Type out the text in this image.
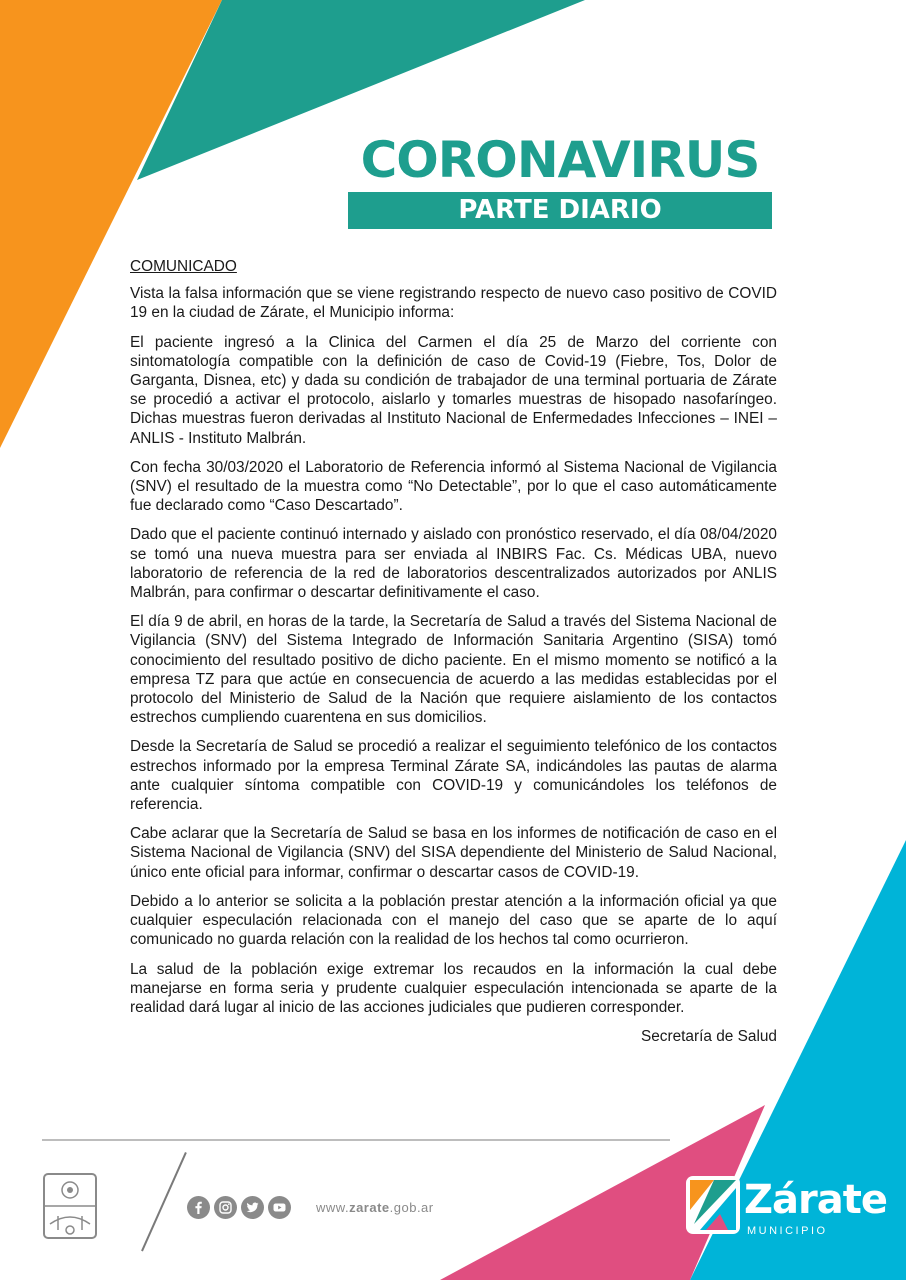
CORONAVIRUS
PARTE DIARIO
COMUNICADO

Vista la falsa información que se viene registrando respecto de nuevo caso positivo de COVID 19 en la ciudad de Zárate, el Municipio informa:

El paciente ingresó a la Clinica del Carmen el día 25 de Marzo del corriente con sintomatología compatible con la definición de caso de Covid-19 (Fiebre, Tos, Dolor de Garganta, Disnea, etc) y dada su condición de trabajador de una terminal portuaria de Zárate se procedió a activar el protocolo, aislarlo y tomarles muestras de hisopado nasofaríngeo. Dichas muestras fueron derivadas al Instituto Nacional de Enfermedades Infecciones – INEI – ANLIS - Instituto Malbrán.

Con fecha 30/03/2020 el Laboratorio de Referencia informó al Sistema Nacional de Vigilancia (SNV) el resultado de la muestra como “No Detectable”, por lo que el caso automáticamente fue declarado como “Caso Descartado”.

Dado que el paciente continuó internado y aislado con pronóstico reservado, el día 08/04/2020 se tomó una nueva muestra para ser enviada al INBIRS Fac. Cs. Médicas UBA, nuevo laboratorio de referencia de la red de laboratorios descentralizados autorizados por ANLIS Malbrán, para confirmar o descartar definitivamente el caso.

El día 9 de abril, en horas de la tarde, la Secretaría de Salud a través del Sistema Nacional de Vigilancia (SNV) del Sistema Integrado de Información Sanitaria Argentino (SISA) tomó conocimiento del resultado positivo de dicho paciente. En el mismo momento se notificó a la empresa TZ para que actúe en consecuencia de acuerdo a las medidas establecidas por el protocolo del Ministerio de Salud de la Nación que requiere aislamiento de los contactos estrechos cumpliendo cuarentena en sus domicilios.

Desde la Secretaría de Salud se procedió a realizar el seguimiento telefónico de los contactos estrechos informado por la empresa Terminal Zárate SA, indicándoles las pautas de alarma ante cualquier síntoma compatible con COVID-19 y comunicándoles los teléfonos de referencia.

Cabe aclarar que la Secretaría de Salud se basa en los informes de notificación de caso en el Sistema Nacional de Vigilancia (SNV) del SISA dependiente del Ministerio de Salud Nacional, único ente oficial para informar, confirmar o descartar casos de COVID-19.

Debido a lo anterior se solicita a la población prestar atención a la información oficial ya que cualquier especulación relacionada con el manejo del caso que se aparte de lo aquí comunicado no guarda relación con la realidad de los hechos tal como ocurrieron.

La salud de la población exige extremar los recaudos en la información la cual debe manejarse en forma seria y prudente cualquier especulación intencionada se aparte de la realidad dará lugar al inicio de las acciones judiciales que pudieren corresponder.

Secretaría de Salud
www.zarate.gob.ar	Zárate
MUNICIPIO
